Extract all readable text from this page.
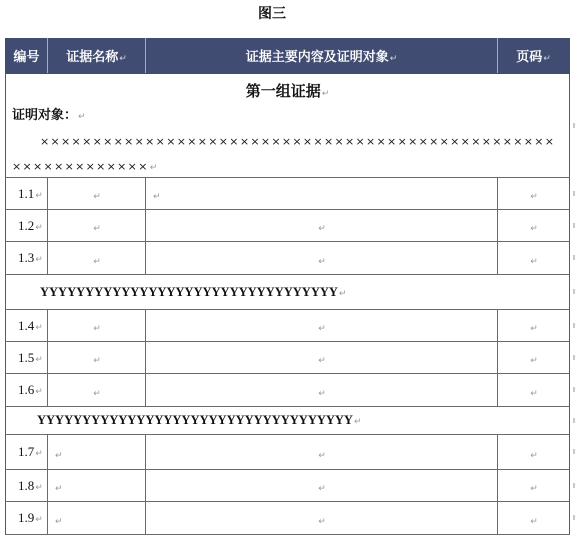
图三
编号 证据名称↵	证据主要内容及证明对象↵	页码↵
第一组证据↵
证明对象：↵
×××××××××××××××××××××××××××××××××××××××××××××××××
×××××××××××××↵
1.1↵	↵	↵	↵
1.2↵	↵	↵	↵
1.3↵	↵	↵	↵
YYYYYYYYYYYYYYYYYYYYYYYYYYYYYYYYY↵
1.4↵	↵	↵	↵
1.5↵	↵	↵	↵
1.6↵	↵	↵	↵
YYYYYYYYYYYYYYYYYYYYYYYYYYYYYYYYYYY↵
1.7↵ ↵	↵	↵
1.8↵ ↵	↵	↵
1.9↵ ↵	↵	↵
